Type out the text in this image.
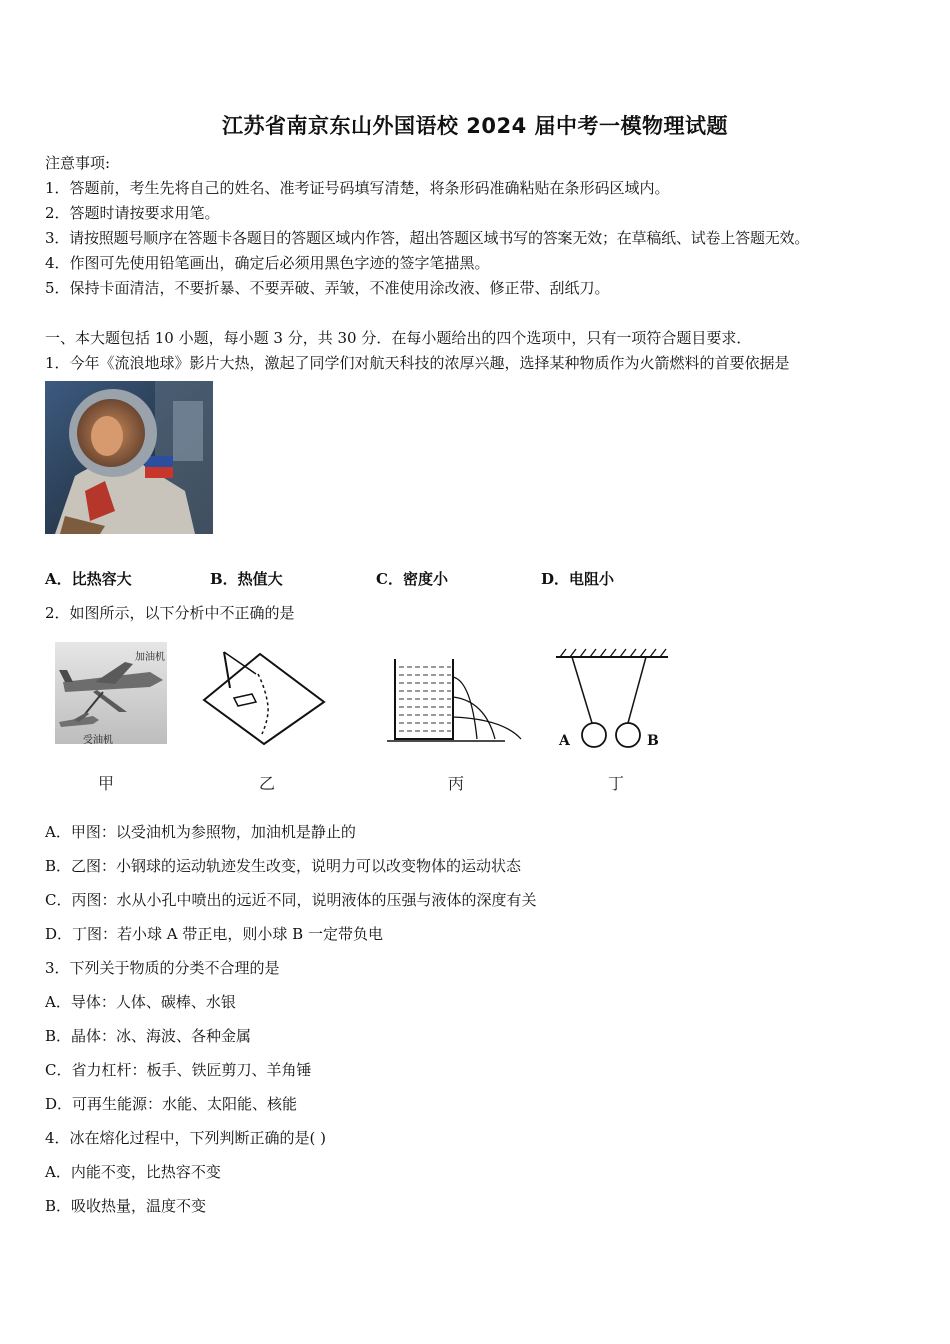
江苏省南京东山外国语校 2024 届中考一模物理试题
注意事项:
1．答题前，考生先将自己的姓名、准考证号码填写清楚，将条形码准确粘贴在条形码区域内。
2．答题时请按要求用笔。
3．请按照题号顺序在答题卡各题目的答题区域内作答，超出答题区域书写的答案无效；在草稿纸、试卷上答题无效。
4．作图可先使用铅笔画出，确定后必须用黑色字迹的签字笔描黑。
5．保持卡面清洁，不要折暴、不要弄破、弄皱，不准使用涂改液、修正带、刮纸刀。
一、本大题包括 10 小题，每小题 3 分，共 30 分．在每小题给出的四个选项中，只有一项符合题目要求．
1．今年《流浪地球》影片大热，激起了同学们对航天科技的浓厚兴趣，选择某种物质作为火箭燃料的首要依据是
A．比热容大	B．热值大	C．密度小	D．电阻小
2．如图所示，以下分析中不正确的是
加油机
受油机	A	B
甲	乙	丙	丁
A．甲图：以受油机为参照物，加油机是静止的
B．乙图：小钢球的运动轨迹发生改变，说明力可以改变物体的运动状态
C．丙图：水从小孔中喷出的远近不同，说明液体的压强与液体的深度有关
D．丁图：若小球 A 带正电，则小球 B 一定带负电
3．下列关于物质的分类不合理的是
A．导体：人体、碳棒、水银
B．晶体：冰、海波、各种金属
C．省力杠杆：板手、铁匠剪刀、羊角锤
D．可再生能源：水能、太阳能、核能
4．冰在熔化过程中，下列判断正确的是( )
A．内能不变，比热容不变
B．吸收热量，温度不变
